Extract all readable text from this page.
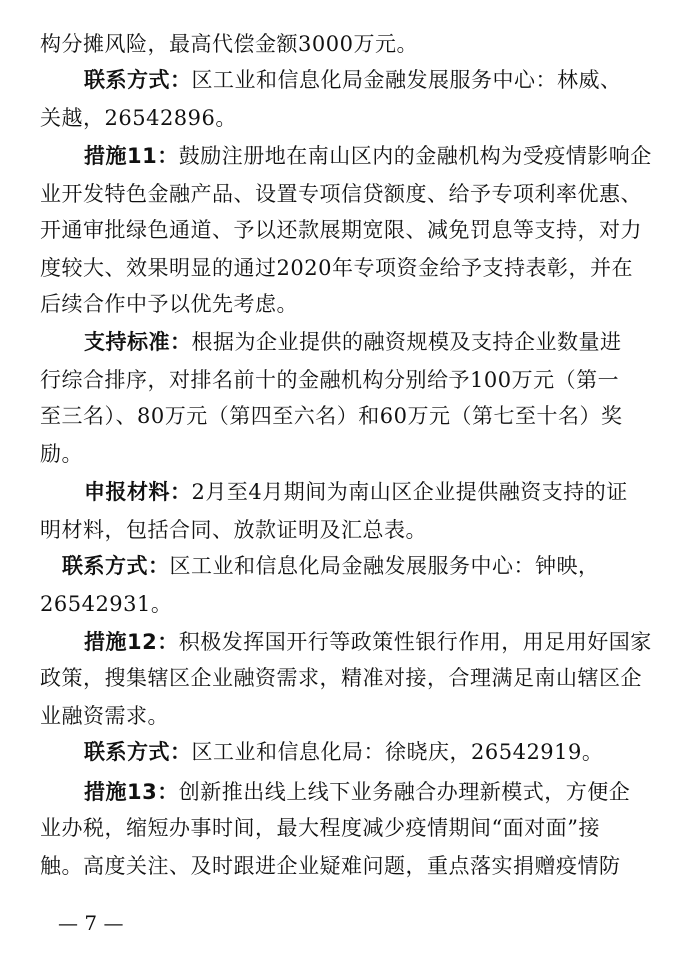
构分摊风险，最高代偿金额3000万元。
联系方式：区工业和信息化局金融发展服务中心：林威、
关越，26542896。
措施11：鼓励注册地在南山区内的金融机构为受疫情影响企
业开发特色金融产品、设置专项信贷额度、给予专项利率优惠、
开通审批绿色通道、予以还款展期宽限、减免罚息等支持，对力
度较大、效果明显的通过2020年专项资金给予支持表彰，并在
后续合作中予以优先考虑。
支持标准：根据为企业提供的融资规模及支持企业数量进
行综合排序，对排名前十的金融机构分别给予100万元（第一
至三名）、80万元（第四至六名）和60万元（第七至十名）奖
励。
申报材料：2月至4月期间为南山区企业提供融资支持的证
明材料，包括合同、放款证明及汇总表。
联系方式：区工业和信息化局金融发展服务中心：钟映，
26542931。
措施12：积极发挥国开行等政策性银行作用，用足用好国家
政策，搜集辖区企业融资需求，精准对接，合理满足南山辖区企
业融资需求。
联系方式：区工业和信息化局：徐晓庆，26542919。
措施13：创新推出线上线下业务融合办理新模式，方便企
业办税，缩短办事时间，最大程度减少疫情期间“面对面”接
触。高度关注、及时跟进企业疑难问题，重点落实捐赠疫情防
— 7 —
